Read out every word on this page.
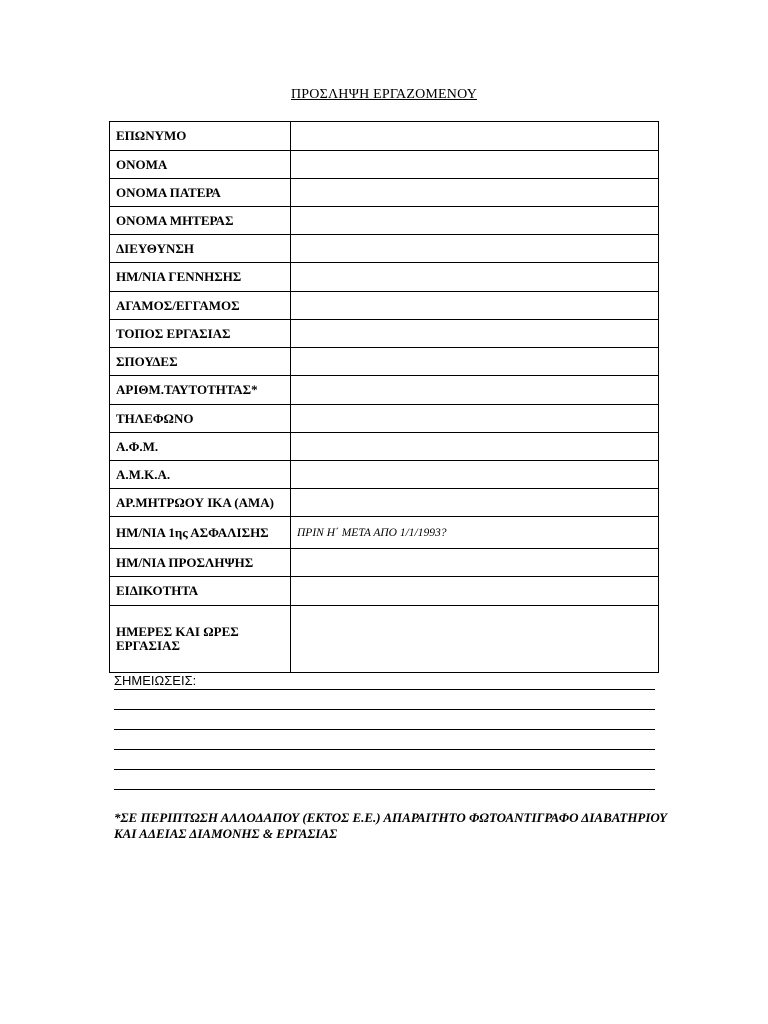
ΠΡΟΣΛΗΨΗ ΕΡΓΑΖΟΜΕΝΟΥ
ΕΠΩΝΥΜΟ	
ΟΝΟΜΑ	
ΟΝΟΜΑ ΠΑΤΕΡΑ	
ΟΝΟΜΑ ΜΗΤΕΡΑΣ	
ΔΙΕΥΘΥΝΣΗ	
ΗΜ/ΝΙΑ ΓΕΝΝΗΣΗΣ	
ΑΓΑΜΟΣ/ΕΓΓΑΜΟΣ	
ΤΟΠΟΣ ΕΡΓΑΣΙΑΣ	
ΣΠΟΥΔΕΣ	
ΑΡΙΘΜ.ΤΑΥΤΟΤΗΤΑΣ*	
ΤΗΛΕΦΩΝΟ	
Α.Φ.Μ.	
Α.Μ.Κ.Α.	
ΑΡ.ΜΗΤΡΩΟΥ ΙΚΑ (ΑΜΑ)	
ΗΜ/ΝΙΑ 1ης ΑΣΦΑΛΙΣΗΣ	ΠΡΙΝ Η΄ ΜΕΤΑ ΑΠΟ 1/1/1993?
ΗΜ/ΝΙΑ ΠΡΟΣΛΗΨΗΣ	
ΕΙΔΙΚΟΤΗΤΑ	
ΗΜΕΡΕΣ ΚΑΙ ΩΡΕΣ ΕΡΓΑΣΙΑΣ	
ΣΗΜΕΙΩΣΕΙΣ:
*ΣΕ ΠΕΡΙΠΤΩΣΗ ΑΛΛΟΔΑΠΟΥ (ΕΚΤΟΣ Ε.Ε.) ΑΠΑΡΑΙΤΗΤΟ ΦΩΤΟΑΝΤΙΓΡΑΦΟ ΔΙΑΒΑΤΗΡΙΟΥ ΚΑΙ ΑΔΕΙΑΣ ΔΙΑΜΟΝΗΣ & ΕΡΓΑΣΙΑΣ
